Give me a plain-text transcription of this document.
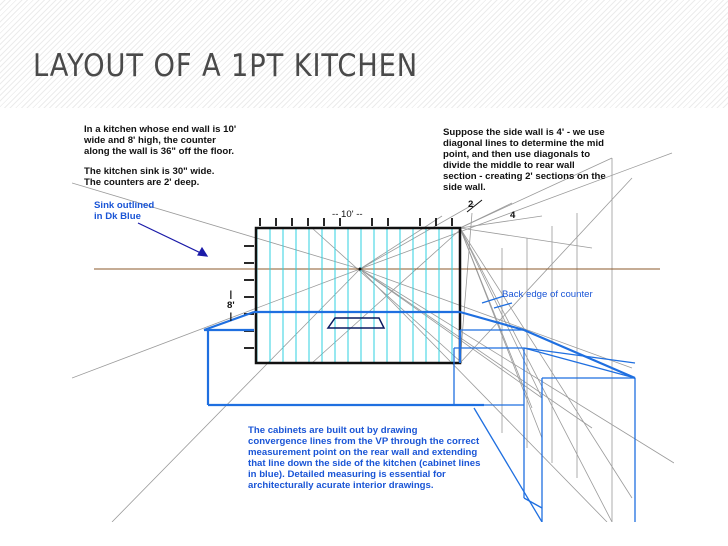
LAYOUT OF A 1PT KITCHEN
In a kitchen whose end wall is 10'
wide and 8' high, the counter
along the wall is 36" off the floor.
The kitchen sink is 30" wide.
The counters are 2' deep.
Sink outlined
in Dk Blue
Suppose the side wall is 4' - we use
diagonal lines to determine the mid
point, and then use diagonals to
divide the middle to rear wall
section - creating 2' sections on the
side wall.
-- 10' --
|
8'
|
2
4
Back edge of counter
The cabinets are built out by drawing
convergence lines from the VP through the correct
measurement point on the rear wall and extending
that line down the side of the kitchen (cabinet lines
in blue). Detailed measuring is essential for
architecturally acurate interior drawings.
